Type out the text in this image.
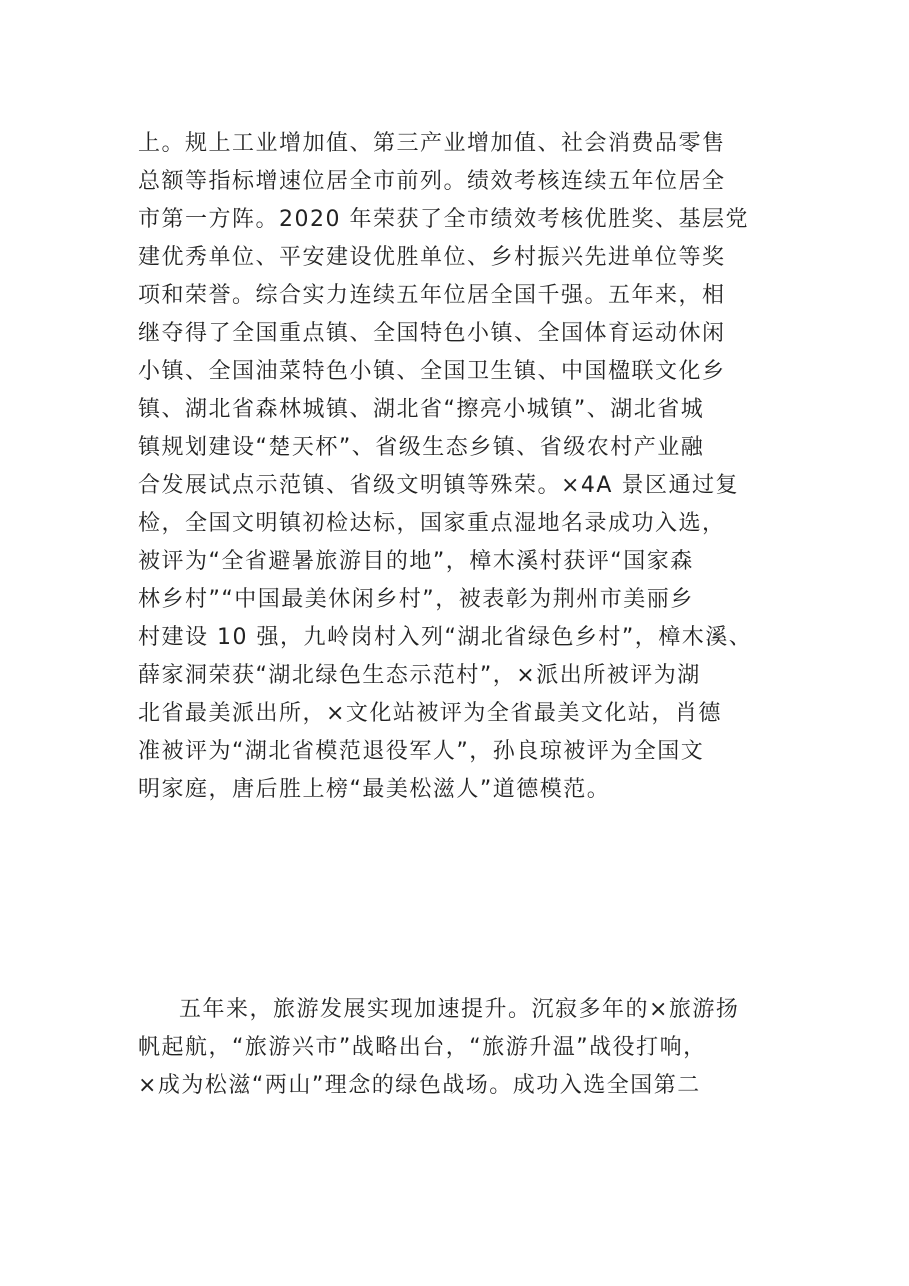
上。规上工业增加值、第三产业增加值、社会消费品零售
总额等指标增速位居全市前列。绩效考核连续五年位居全
市第一方阵。2020 年荣获了全市绩效考核优胜奖、基层党
建优秀单位、平安建设优胜单位、乡村振兴先进单位等奖
项和荣誉。综合实力连续五年位居全国千强。五年来，相
继夺得了全国重点镇、全国特色小镇、全国体育运动休闲
小镇、全国油菜特色小镇、全国卫生镇、中国楹联文化乡
镇、湖北省森林城镇、湖北省“擦亮小城镇”、湖北省城
镇规划建设“楚天杯”、省级生态乡镇、省级农村产业融
合发展试点示范镇、省级文明镇等殊荣。×4A 景区通过复
检，全国文明镇初检达标，国家重点湿地名录成功入选，
被评为“全省避暑旅游目的地”，樟木溪村获评“国家森
林乡村”“中国最美休闲乡村”，被表彰为荆州市美丽乡
村建设 10 强，九岭岗村入列“湖北省绿色乡村”，樟木溪、
薛家洞荣获“湖北绿色生态示范村”，×派出所被评为湖
北省最美派出所，×文化站被评为全省最美文化站，肖德
准被评为“湖北省模范退役军人”，孙良琼被评为全国文
明家庭，唐后胜上榜“最美松滋人”道德模范。
五年来，旅游发展实现加速提升。沉寂多年的×旅游扬
帆起航，“旅游兴市”战略出台，“旅游升温”战役打响，
×成为松滋“两山”理念的绿色战场。成功入选全国第二
